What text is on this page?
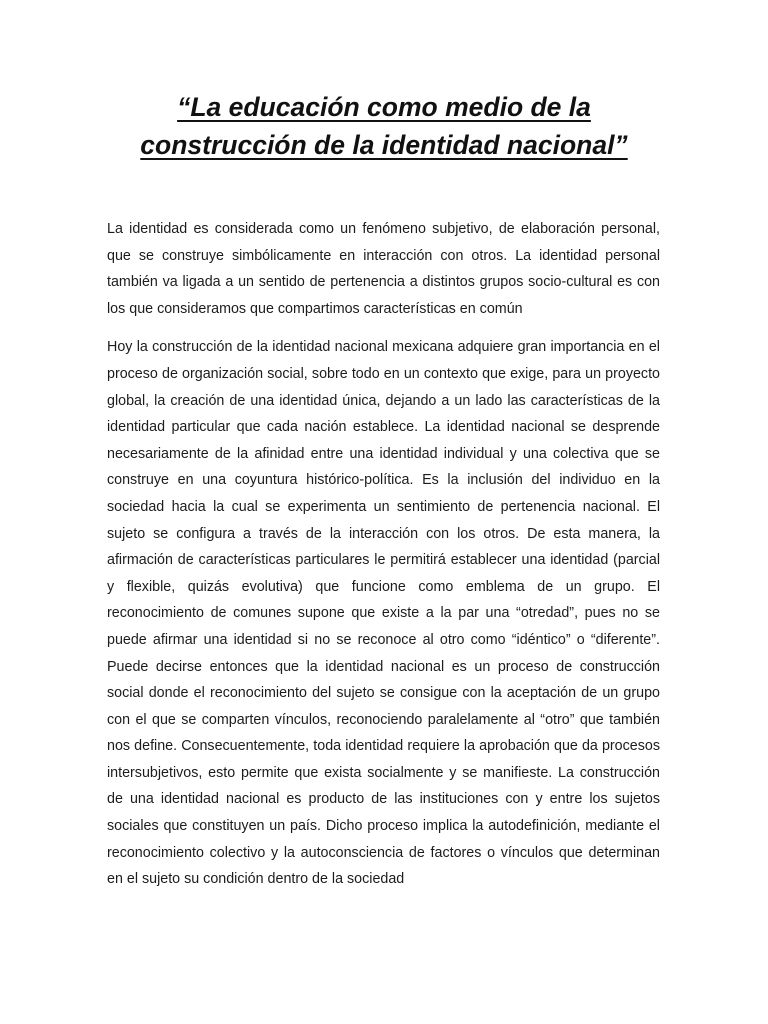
“La educación como medio de la
construcción de la identidad nacional”

La identidad es considerada como un fenómeno subjetivo, de elaboración personal, que se construye simbólicamente en interacción con otros. La identidad personal también va ligada a un sentido de pertenencia a distintos grupos socio-cultural es con los que consideramos que compartimos características en común

Hoy la construcción de la identidad nacional mexicana adquiere gran importancia en el proceso de organización social, sobre todo en un contexto que exige, para un proyecto global, la creación de una identidad única, dejando a un lado las características de la identidad particular que cada nación establece. La identidad nacional se desprende necesariamente de la afinidad entre una identidad individual y una colectiva que se construye en una coyuntura histórico-política. Es la inclusión del individuo en la sociedad hacia la cual se experimenta un sentimiento de pertenencia nacional. El sujeto se configura a través de la interacción con los otros. De esta manera, la afirmación de características particulares le permitirá establecer una identidad (parcial y flexible, quizás evolutiva) que funcione como emblema de un grupo. El reconocimiento de comunes supone que existe a la par una “otredad”, pues no se puede afirmar una identidad si no se reconoce al otro como “idéntico” o “diferente”. Puede decirse entonces que la identidad nacional es un proceso de construcción social donde el reconocimiento del sujeto se consigue con la aceptación de un grupo con el que se comparten vínculos, reconociendo paralelamente al “otro” que también nos define. Consecuentemente, toda identidad requiere la aprobación que da procesos intersubjetivos, esto permite que exista socialmente y se manifieste. La construcción de una identidad nacional es producto de las instituciones con y entre los sujetos sociales que constituyen un país. Dicho proceso implica la autodefinición, mediante el reconocimiento colectivo y la autoconsciencia de factores o vínculos que determinan en el sujeto su condición dentro de la sociedad
